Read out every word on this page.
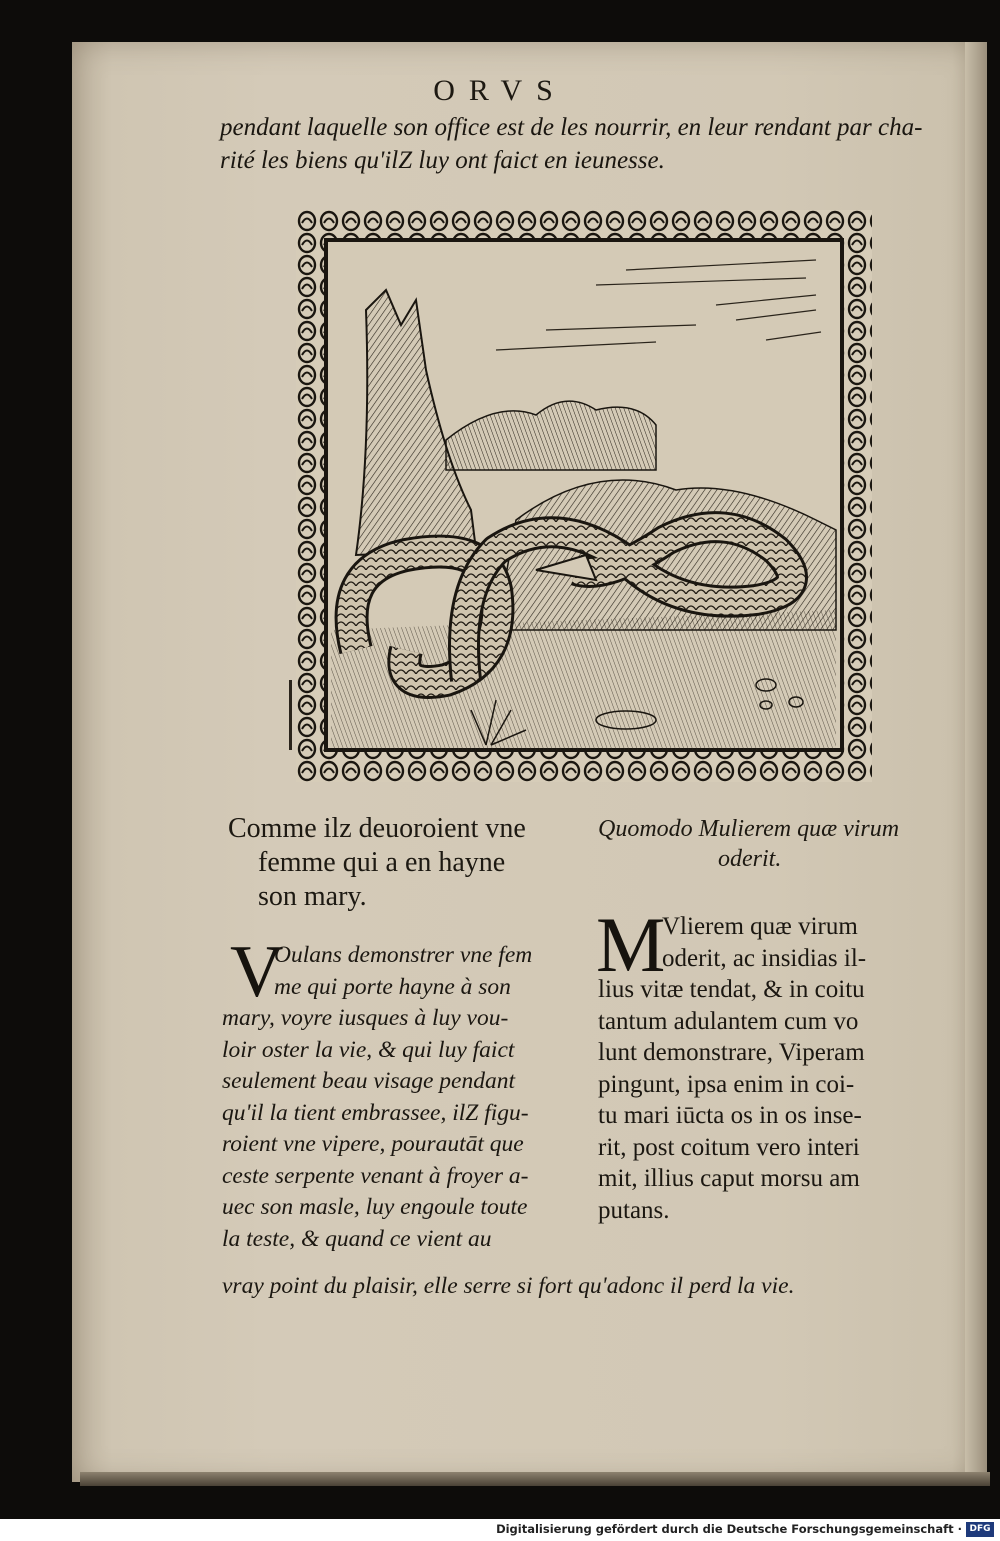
ORVS
pendant laquelle son office est de les nourrir, en leur rendant par cha-
rité les biens qu'ilZ luy ont faict en ieunesse.
Comme ilz deuoroient vne
femme qui a en hayne
son mary.
Quomodo Mulierem quæ virum
oderit.
V
Oulans demonstrer vne fem
me qui porte hayne à son
mary, voyre iusques à luy vou-
loir oster la vie, & qui luy faict
seulement beau visage pendant
qu'il la tient embrassee, ilZ figu-
roient vne vipere, pourautāt que
ceste serpente venant à froyer a-
uec son masle, luy engoule toute
la teste, & quand ce vient au
M
Vlierem quæ virum
oderit, ac insidias il-
lius vitæ tendat, & in coitu
tantum adulantem cum vo
lunt demonstrare, Viperam
pingunt, ipsa enim in coi-
tu mari iūcta os in os inse-
rit, post coitum vero interi
mit, illius caput morsu am
putans.
vray point du plaisir, elle serre si fort qu'adonc il perd la vie.
Digitalisierung gefördert durch die Deutsche Forschungsgemeinschaft · DFG
